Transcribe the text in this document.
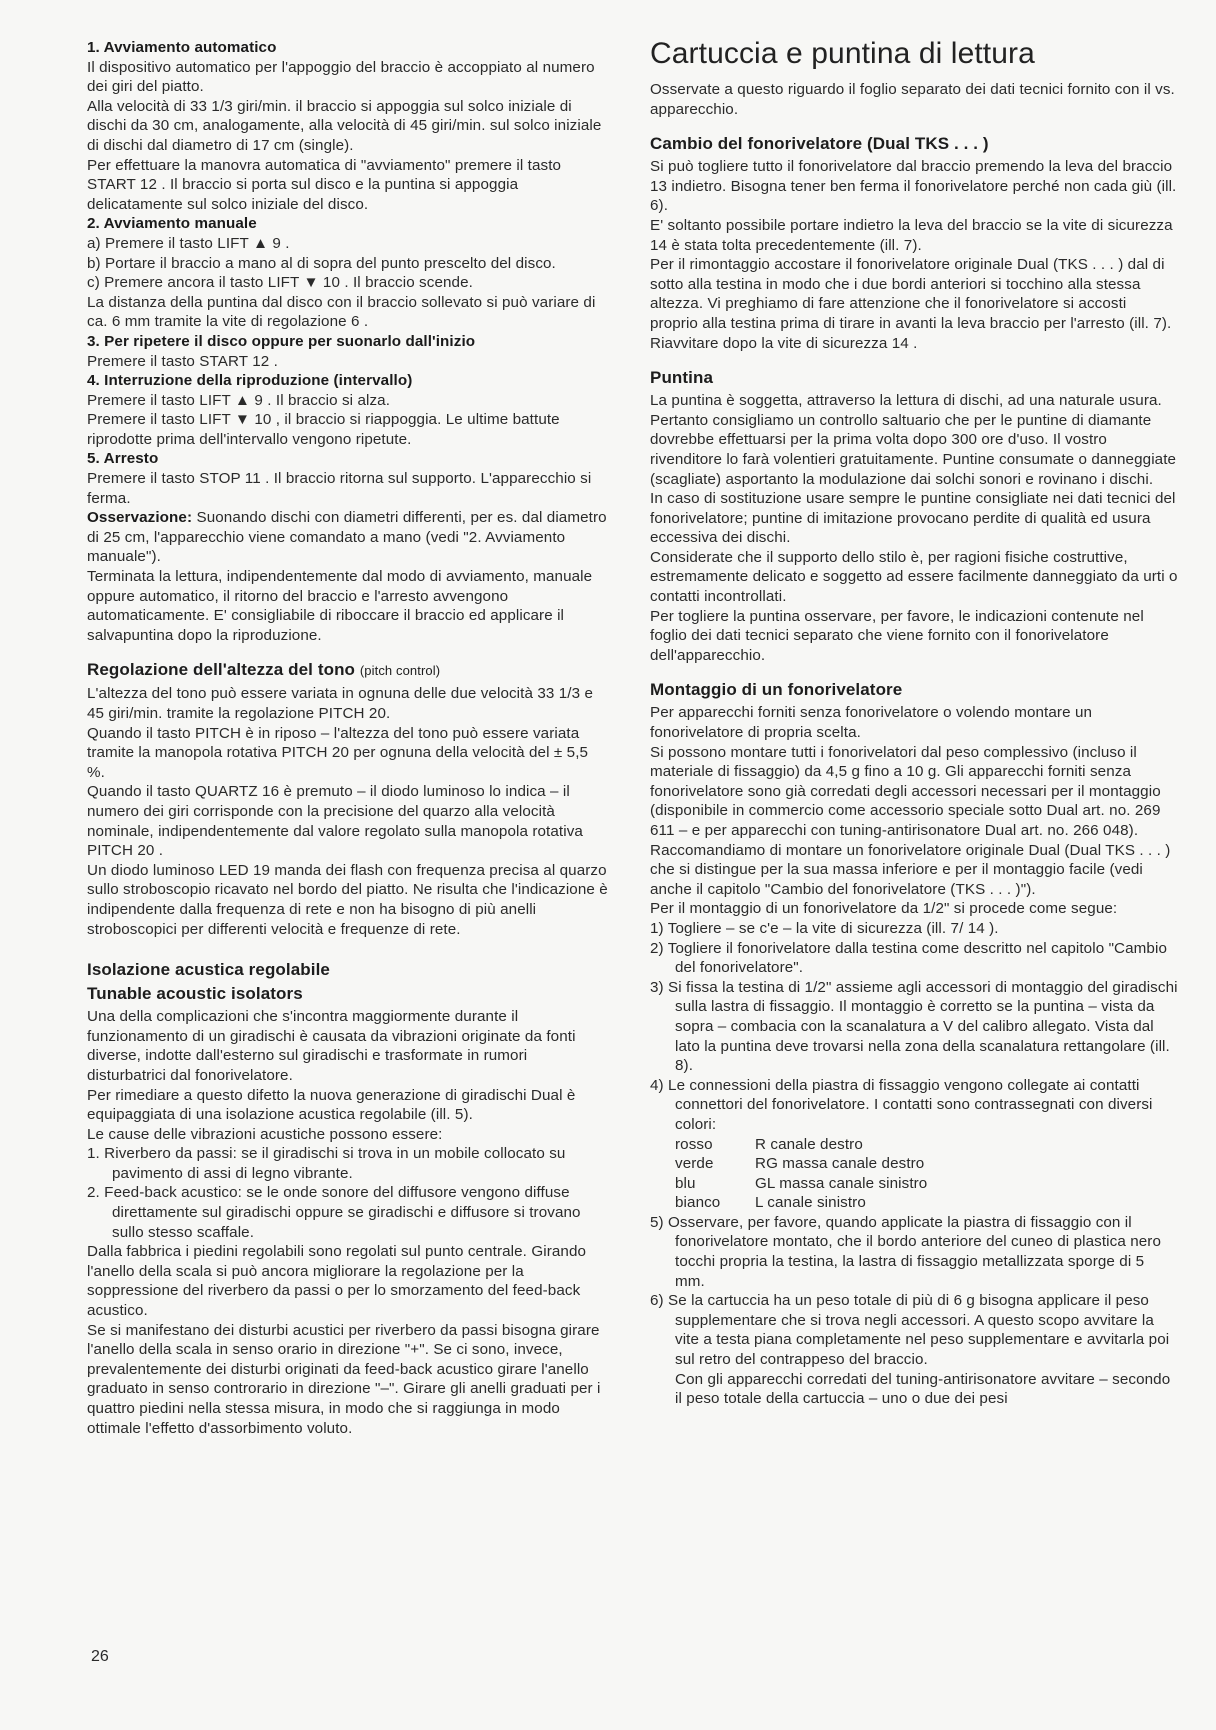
1. Avviamento automatico

Il dispositivo automatico per l'appoggio del braccio è accoppiato al numero dei giri del piatto.

Alla velocità di 33 1/3 giri/min. il braccio si appoggia sul solco iniziale di dischi da 30 cm, analogamente, alla velocità di 45 giri/min. sul solco iniziale di dischi dal diametro di 17 cm (single).

Per effettuare la manovra automatica di "avviamento" premere il tasto START 12 . Il braccio si porta sul disco e la puntina si appoggia delicatamente sul solco iniziale del disco.

2. Avviamento manuale

a) Premere il tasto LIFT ▲ 9 .

b) Portare il braccio a mano al di sopra del punto prescelto del disco.

c) Premere ancora il tasto LIFT ▼ 10 . Il braccio scende.

La distanza della puntina dal disco con il braccio sollevato si può variare di ca. 6 mm tramite la vite di regolazione 6 .

3. Per ripetere il disco oppure per suonarlo dall'inizio

Premere il tasto START 12 .

4. Interruzione della riproduzione (intervallo)

Premere il tasto LIFT ▲ 9 . Il braccio si alza.

Premere il tasto LIFT ▼ 10 , il braccio si riappoggia. Le ultime battute riprodotte prima dell'intervallo vengono ripetute.

5. Arresto

Premere il tasto STOP 11 . Il braccio ritorna sul supporto. L'apparecchio si ferma.

Osservazione: Suonando dischi con diametri differenti, per es. dal diametro di 25 cm, l'apparecchio viene comandato a mano (vedi "2. Avviamento manuale").

Terminata la lettura, indipendentemente dal modo di avviamento, manuale oppure automatico, il ritorno del braccio e l'arresto avvengono automaticamente. E' consigliabile di riboccare il braccio ed applicare il salvapuntina dopo la riproduzione.

Regolazione dell'altezza del tono (pitch control)

L'altezza del tono può essere variata in ognuna delle due velocità 33 1/3 e 45 giri/min. tramite la regolazione PITCH 20.

Quando il tasto PITCH è in riposo – l'altezza del tono può essere variata tramite la manopola rotativa PITCH 20 per ognuna della velocità del ± 5,5 %.

Quando il tasto QUARTZ 16 è premuto – il diodo luminoso lo indica – il numero dei giri corrisponde con la precisione del quarzo alla velocità nominale, indipendentemente dal valore regolato sulla manopola rotativa PITCH 20 .

Un diodo luminoso LED 19 manda dei flash con frequenza precisa al quarzo sullo stroboscopio ricavato nel bordo del piatto. Ne risulta che l'indicazione è indipendente dalla frequenza di rete e non ha bisogno di più anelli stroboscopici per differenti velocità e frequenze di rete.

Isolazione acustica regolabile

Tunable acoustic isolators

Una della complicazioni che s'incontra maggiormente durante il funzionamento di un giradischi è causata da vibrazioni originate da fonti diverse, indotte dall'esterno sul giradischi e trasformate in rumori disturbatrici dal fonorivelatore.

Per rimediare a questo difetto la nuova generazione di giradischi Dual è equipaggiata di una isolazione acustica regolabile (ill. 5).

Le cause delle vibrazioni acustiche possono essere:

1. Riverbero da passi: se il giradischi si trova in un mobile collocato su pavimento di assi di legno vibrante.

2. Feed-back acustico: se le onde sonore del diffusore vengono diffuse direttamente sul giradischi oppure se giradischi e diffusore si trovano sullo stesso scaffale.

Dalla fabbrica i piedini regolabili sono regolati sul punto centrale. Girando l'anello della scala si può ancora migliorare la regolazione per la soppressione del riverbero da passi o per lo smorzamento del feed-back acustico.

Se si manifestano dei disturbi acustici per riverbero da passi bisogna girare l'anello della scala in senso orario in direzione "+". Se ci sono, invece, prevalentemente dei disturbi originati da feed-back acustico girare l'anello graduato in senso controrario in direzione "–". Girare gli anelli graduati per i quattro piedini nella stessa misura, in modo che si raggiunga in modo ottimale l'effetto d'assorbimento voluto.

26
Cartuccia e puntina di lettura

Osservate a questo riguardo il foglio separato dei dati tecnici fornito con il vs. apparecchio.

Cambio del fonorivelatore (Dual TKS . . . )

Si può togliere tutto il fonorivelatore dal braccio premendo la leva del braccio 13 indietro. Bisogna tener ben ferma il fonorivelatore perché non cada giù (ill. 6).

E' soltanto possibile portare indietro la leva del braccio se la vite di sicurezza 14 è stata tolta precedentemente (ill. 7).

Per il rimontaggio accostare il fonorivelatore originale Dual (TKS . . . ) dal di sotto alla testina in modo che i due bordi anteriori si tocchino alla stessa altezza. Vi preghiamo di fare attenzione che il fonorivelatore si accosti proprio alla testina prima di tirare in avanti la leva braccio per l'arresto (ill. 7).

Riavvitare dopo la vite di sicurezza 14 .

Puntina

La puntina è soggetta, attraverso la lettura di dischi, ad una naturale usura. Pertanto consigliamo un controllo saltuario che per le puntine di diamante dovrebbe effettuarsi per la prima volta dopo 300 ore d'uso. Il vostro rivenditore lo farà volentieri gratuitamente. Puntine consumate o danneggiate (scagliate) asportanto la modulazione dai solchi sonori e rovinano i dischi.

In caso di sostituzione usare sempre le puntine consigliate nei dati tecnici del fonorivelatore; puntine di imitazione provocano perdite di qualità ed usura eccessiva dei dischi.

Considerate che il supporto dello stilo è, per ragioni fisiche costruttive, estremamente delicato e soggetto ad essere facilmente danneggiato da urti o contatti incontrollati.

Per togliere la puntina osservare, per favore, le indicazioni contenute nel foglio dei dati tecnici separato che viene fornito con il fonorivelatore dell'apparecchio.

Montaggio di un fonorivelatore

Per apparecchi forniti senza fonorivelatore o volendo montare un fonorivelatore di propria scelta.

Si possono montare tutti i fonorivelatori dal peso complessivo (incluso il materiale di fissaggio) da 4,5 g fino a 10 g. Gli apparecchi forniti senza fonorivelatore sono già corredati degli accessori necessari per il montaggio (disponibile in commercio come accessorio speciale sotto Dual art. no. 269 611 – e per apparecchi con tuning-antirisonatore Dual art. no. 266 048).

Raccomandiamo di montare un fonorivelatore originale Dual (Dual TKS . . . ) che si distingue per la sua massa inferiore e per il montaggio facile (vedi anche il capitolo "Cambio del fonorivelatore (TKS . . . )").

Per il montaggio di un fonorivelatore da 1/2" si procede come segue:

1) Togliere – se c'e – la vite di sicurezza (ill. 7/ 14 ).

2) Togliere il fonorivelatore dalla testina come descritto nel capitolo "Cambio del fonorivelatore".

3) Si fissa la testina di 1/2" assieme agli accessori di montaggio del giradischi sulla lastra di fissaggio. Il montaggio è corretto se la puntina – vista da sopra – combacia con la scanalatura a V del calibro allegato. Vista dal lato la puntina deve trovarsi nella zona della scanalatura rettangolare (ill. 8).

4) Le connessioni della piastra di fissaggio vengono collegate ai contatti connettori del fonorivelatore. I contatti sono contrassegnati con diversi colori:

rosso	R canale destro
verde	RG massa canale destro
blu	GL massa canale sinistro
bianco	L canale sinistro

5) Osservare, per favore, quando applicate la piastra di fissaggio con il fonorivelatore montato, che il bordo anteriore del cuneo di plastica nero tocchi propria la testina, la lastra di fissaggio metallizzata sporge di 5 mm.

6) Se la cartuccia ha un peso totale di più di 6 g bisogna applicare il peso supplementare che si trova negli accessori. A questo scopo avvitare la vite a testa piana completamente nel peso supplementare e avvitarla poi sul retro del contrappeso del braccio.

Con gli apparecchi corredati del tuning-antirisonatore avvitare – secondo il peso totale della cartuccia – uno o due dei pesi
